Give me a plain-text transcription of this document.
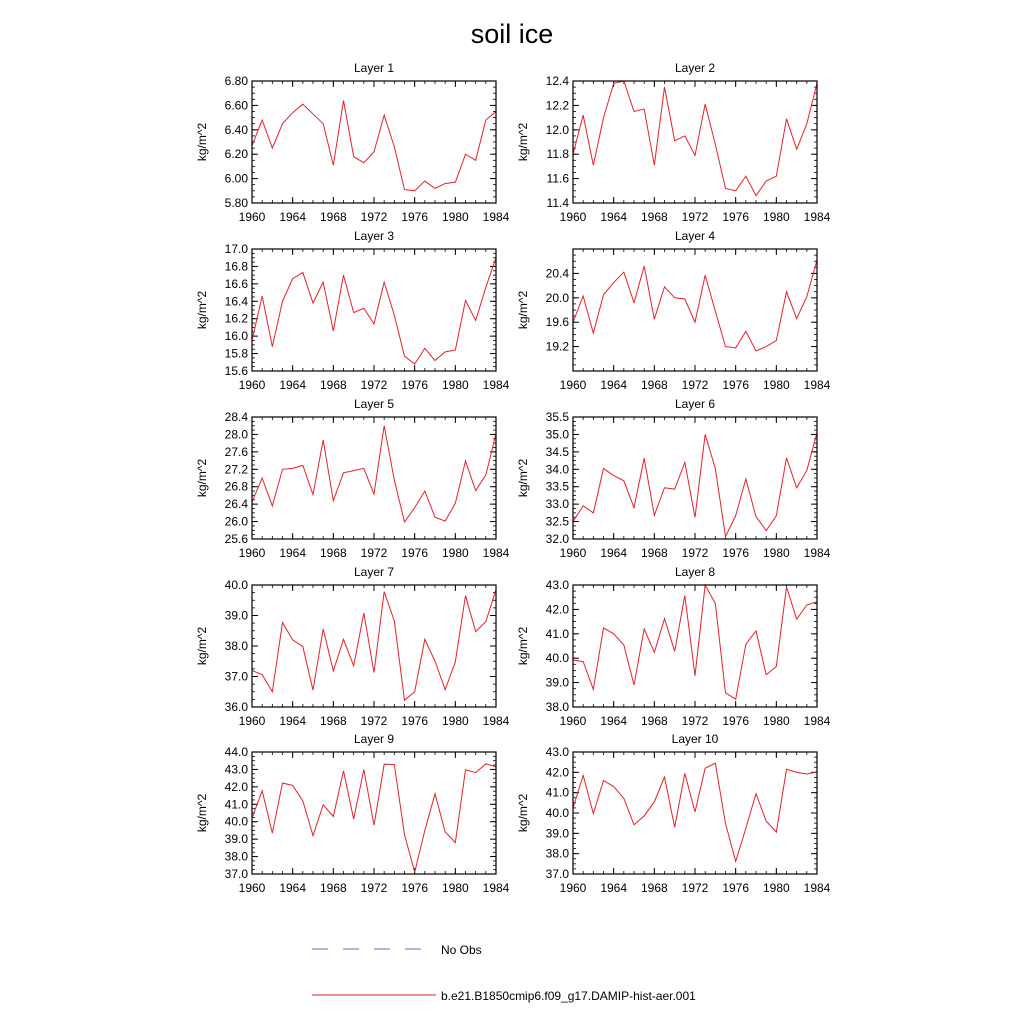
soil ice
Layer 1
kg/m^2
1960 1964 1968 1972 1976 1980 1984
5.80
6.00
6.20
6.40
6.60
6.80
Layer 2
kg/m^2
1960 1964 1968 1972 1976 1980 1984
11.4
11.6
11.8
12.0
12.2
12.4
Layer 3
kg/m^2
1960 1964 1968 1972 1976 1980 1984
15.6
15.8
16.0
16.2
16.4
16.6
16.8
17.0
Layer 4
kg/m^2
1960 1964 1968 1972 1976 1980 1984
19.2
19.6
20.0
20.4
Layer 5
kg/m^2
1960 1964 1968 1972 1976 1980 1984
25.6
26.0
26.4
26.8
27.2
27.6
28.0
28.4
Layer 6
kg/m^2
1960 1964 1968 1972 1976 1980 1984
32.0
32.5
33.0
33.5
34.0
34.5
35.0
35.5
Layer 7
kg/m^2
1960 1964 1968 1972 1976 1980 1984
36.0
37.0
38.0
39.0
40.0
Layer 8
kg/m^2
1960 1964 1968 1972 1976 1980 1984
38.0
39.0
40.0
41.0
42.0
43.0
Layer 9
kg/m^2
1960 1964 1968 1972 1976 1980 1984
37.0
38.0
39.0
40.0
41.0
42.0
43.0
44.0
Layer 10
kg/m^2
1960 1964 1968 1972 1976 1980 1984
37.0
38.0
39.0
40.0
41.0
42.0
43.0
No Obs
b.e21.B1850cmip6.f09_g17.DAMIP-hist-aer.001
